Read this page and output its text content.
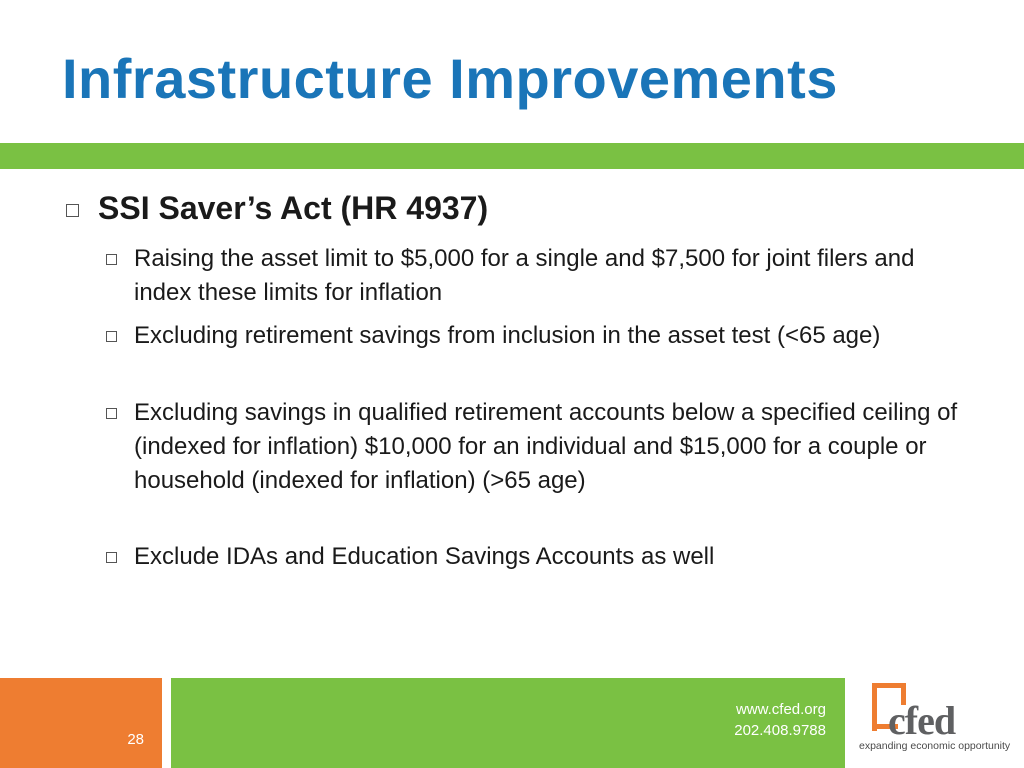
Infrastructure Improvements
SSI Saver’s Act (HR 4937)
Raising the asset limit to $5,000 for a single and $7,500 for joint filers and index these limits for inflation
Excluding retirement savings from inclusion in the asset test (<65 age)
Excluding savings in qualified retirement accounts below a specified ceiling of (indexed for inflation) $10,000 for an individual and $15,000 for a couple or household (indexed for inflation) (>65 age)
Exclude IDAs and Education Savings Accounts as well
28
www.cfed.org
202.408.9788 cfed
expanding economic opportunity
